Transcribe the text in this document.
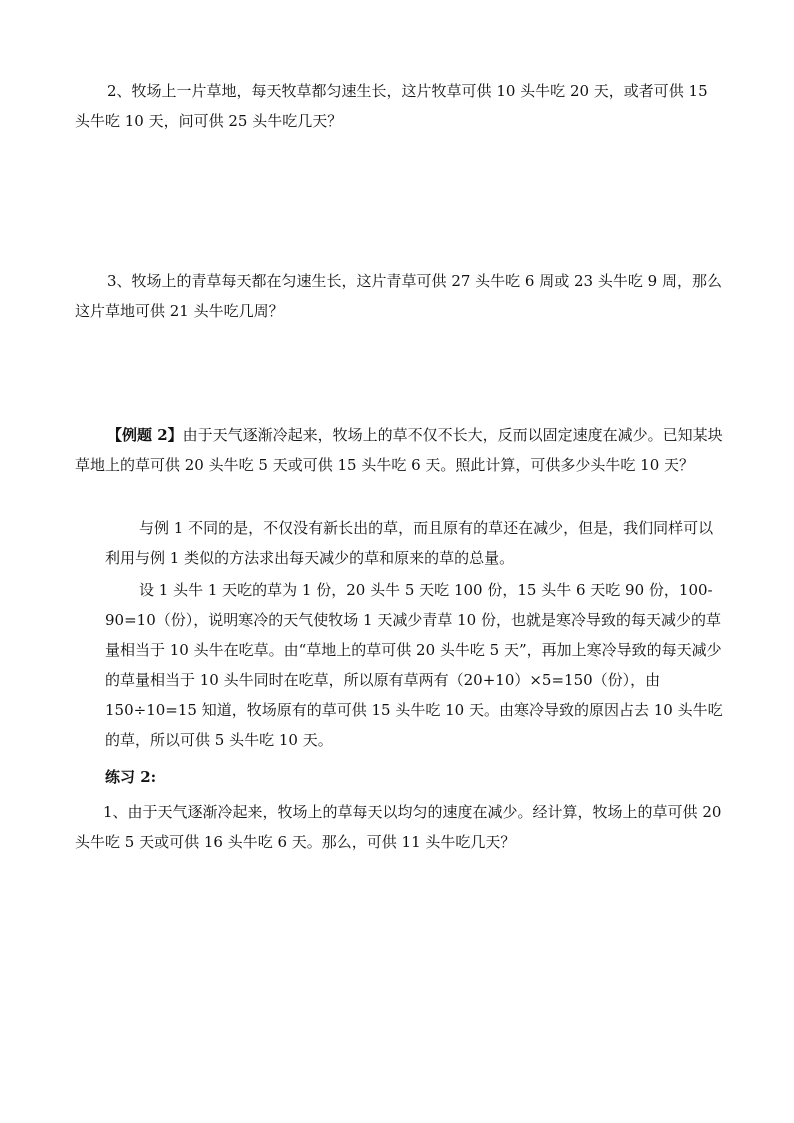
2、牧场上一片草地，每天牧草都匀速生长，这片牧草可供 10 头牛吃 20 天，或者可供 15 头牛吃 10 天，问可供 25 头牛吃几天？

3、牧场上的青草每天都在匀速生长，这片青草可供 27 头牛吃 6 周或 23 头牛吃 9 周，那么这片草地可供 21 头牛吃几周？

【例题 2】由于天气逐渐冷起来，牧场上的草不仅不长大，反而以固定速度在减少。已知某块草地上的草可供 20 头牛吃 5 天或可供 15 头牛吃 6 天。照此计算，可供多少头牛吃 10 天？

与例 1 不同的是，不仅没有新长出的草，而且原有的草还在减少，但是，我们同样可以利用与例 1 类似的方法求出每天减少的草和原来的草的总量。

设 1 头牛 1 天吃的草为 1 份，20 头牛 5 天吃 100 份，15 头牛 6 天吃 90 份，100-90=10（份），说明寒冷的天气使牧场 1 天减少青草 10 份，也就是寒冷导致的每天减少的草量相当于 10 头牛在吃草。由“草地上的草可供 20 头牛吃 5 天”，再加上寒冷导致的每天减少的草量相当于 10 头牛同时在吃草，所以原有草两有（20+10）×5=150（份），由 150÷10=15 知道，牧场原有的草可供 15 头牛吃 10 天。由寒冷导致的原因占去 10 头牛吃的草，所以可供 5 头牛吃 10 天。

练习 2:

1、由于天气逐渐冷起来，牧场上的草每天以均匀的速度在减少。经计算，牧场上的草可供 20 头牛吃 5 天或可供 16 头牛吃 6 天。那么，可供 11 头牛吃几天？
